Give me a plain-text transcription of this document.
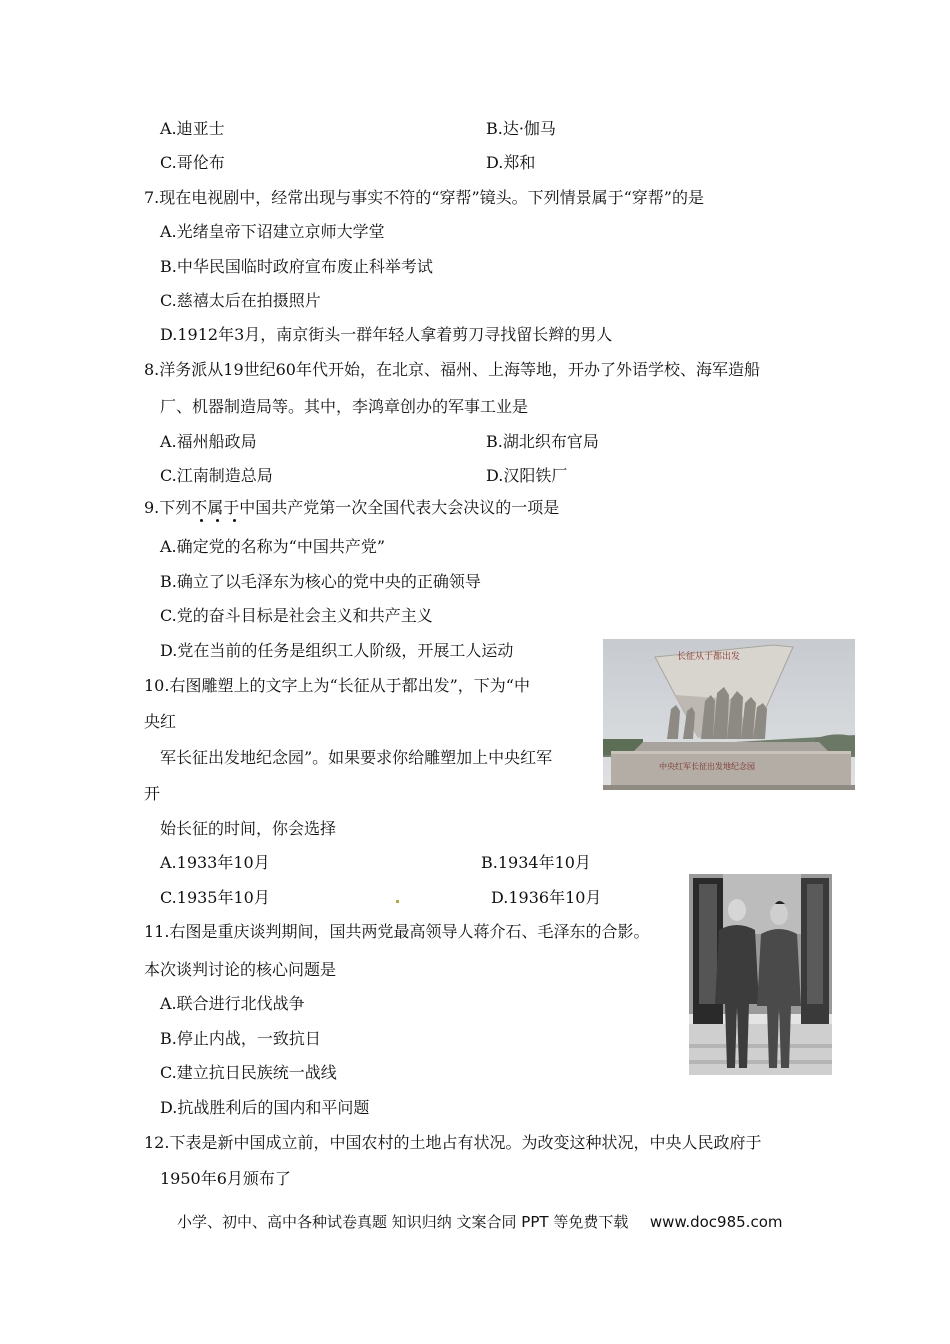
A.迪亚士	B.达·伽马
C.哥伦布	D.郑和
7.现在电视剧中，经常出现与事实不符的“穿帮”镜头。下列情景属于“穿帮”的是
A.光绪皇帝下诏建立京师大学堂
B.中华民国临时政府宣布废止科举考试
C.慈禧太后在拍摄照片
D.1912年3月，南京街头一群年轻人拿着剪刀寻找留长辫的男人
8.洋务派从19世纪60年代开始，在北京、福州、上海等地，开办了外语学校、海军造船
厂、机器制造局等。其中，李鸿章创办的军事工业是
A.福州船政局	B.湖北织布官局
C.江南制造总局	D.汉阳铁厂
9.下列不属于中国共产党第一次全国代表大会决议的一项是
A.确定党的名称为“中国共产党”
B.确立了以毛泽东为核心的党中央的正确领导
C.党的奋斗目标是社会主义和共产主义
D.党在当前的任务是组织工人阶级，开展工人运动
10.右图雕塑上的文字上为“长征从于都出发”，下为“中
央红
军长征出发地纪念园”。如果要求你给雕塑加上中央红军
开
始长征的时间，你会选择
A.1933年10月	B.1934年10月
C.1935年10月	D.1936年10月
长征从于都出发
中央红军长征出发地纪念园
11.右图是重庆谈判期间，国共两党最高领导人蒋介石、毛泽东的合影。
本次谈判讨论的核心问题是
A.联合进行北伐战争
B.停止内战，一致抗日
C.建立抗日民族统一战线
D.抗战胜利后的国内和平问题
12.下表是新中国成立前，中国农村的土地占有状况。为改变这种状况，中央人民政府于
1950年6月颁布了
小学、初中、高中各种试卷真题 知识归纳 文案合同 PPT 等免费下载 www.doc985.com
